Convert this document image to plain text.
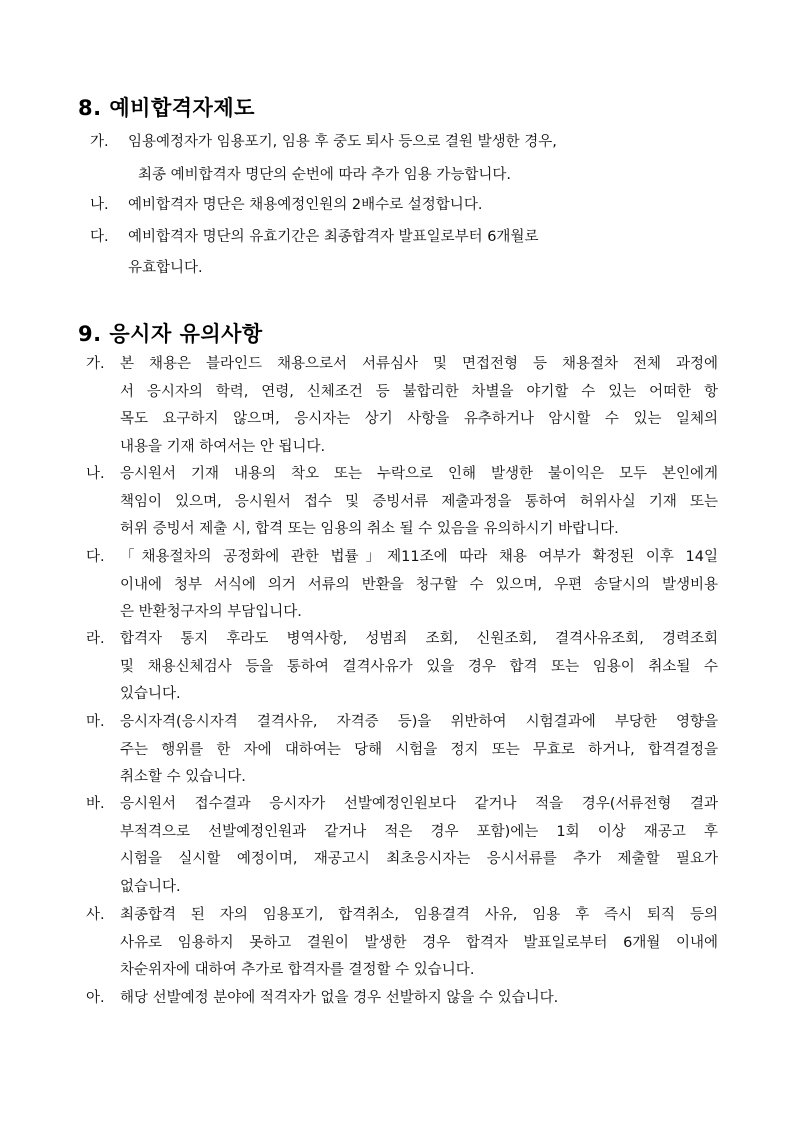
8. 예비합격자제도
가. 임용예정자가 임용포기, 임용 후 중도 퇴사 등으로 결원 발생한 경우,
최종 예비합격자 명단의 순번에 따라 추가 임용 가능합니다.
나. 예비합격자 명단은 채용예정인원의 2배수로 설정합니다.
다. 예비합격자 명단의 유효기간은 최종합격자 발표일로부터 6개월로
유효합니다.
9. 응시자 유의사항
가. 본 채용은 블라인드 채용으로서 서류심사 및 면접전형 등 채용절차 전체 과정에
서 응시자의 학력, 연령, 신체조건 등 불합리한 차별을 야기할 수 있는 어떠한 항
목도 요구하지 않으며, 응시자는 상기 사항을 유추하거나 암시할 수 있는 일체의
내용을 기재 하여서는 안 됩니다.
나. 응시원서 기재 내용의 착오 또는 누락으로 인해 발생한 불이익은 모두 본인에게
책임이 있으며, 응시원서 접수 및 증빙서류 제출과정을 통하여 허위사실 기재 또는
허위 증빙서 제출 시, 합격 또는 임용의 취소 될 수 있음을 유의하시기 바랍니다.
다. 「채용절차의 공정화에 관한 법률」제11조에 따라 채용 여부가 확정된 이후 14일
이내에 청부 서식에 의거 서류의 반환을 청구할 수 있으며, 우편 송달시의 발생비용
은 반환청구자의 부담입니다.
라. 합격자 통지 후라도 병역사항, 성범죄 조회, 신원조회, 결격사유조회, 경력조회
및 채용신체검사 등을 통하여 결격사유가 있을 경우 합격 또는 임용이 취소될 수
있습니다.
마. 응시자격(응시자격 결격사유, 자격증 등)을 위반하여 시험결과에 부당한 영향을
주는 행위를 한 자에 대하여는 당해 시험을 정지 또는 무효로 하거나, 합격결정을
취소할 수 있습니다.
바. 응시원서 접수결과 응시자가 선발예정인원보다 같거나 적을 경우(서류전형 결과
부적격으로 선발예정인원과 같거나 적은 경우 포함)에는 1회 이상 재공고 후
시험을 실시할 예정이며, 재공고시 최초응시자는 응시서류를 추가 제출할 필요가
없습니다.
사. 최종합격 된 자의 임용포기, 합격취소, 임용결격 사유, 임용 후 즉시 퇴직 등의
사유로 임용하지 못하고 결원이 발생한 경우 합격자 발표일로부터 6개월 이내에
차순위자에 대하여 추가로 합격자를 결정할 수 있습니다.
아. 해당 선발예정 분야에 적격자가 없을 경우 선발하지 않을 수 있습니다.
